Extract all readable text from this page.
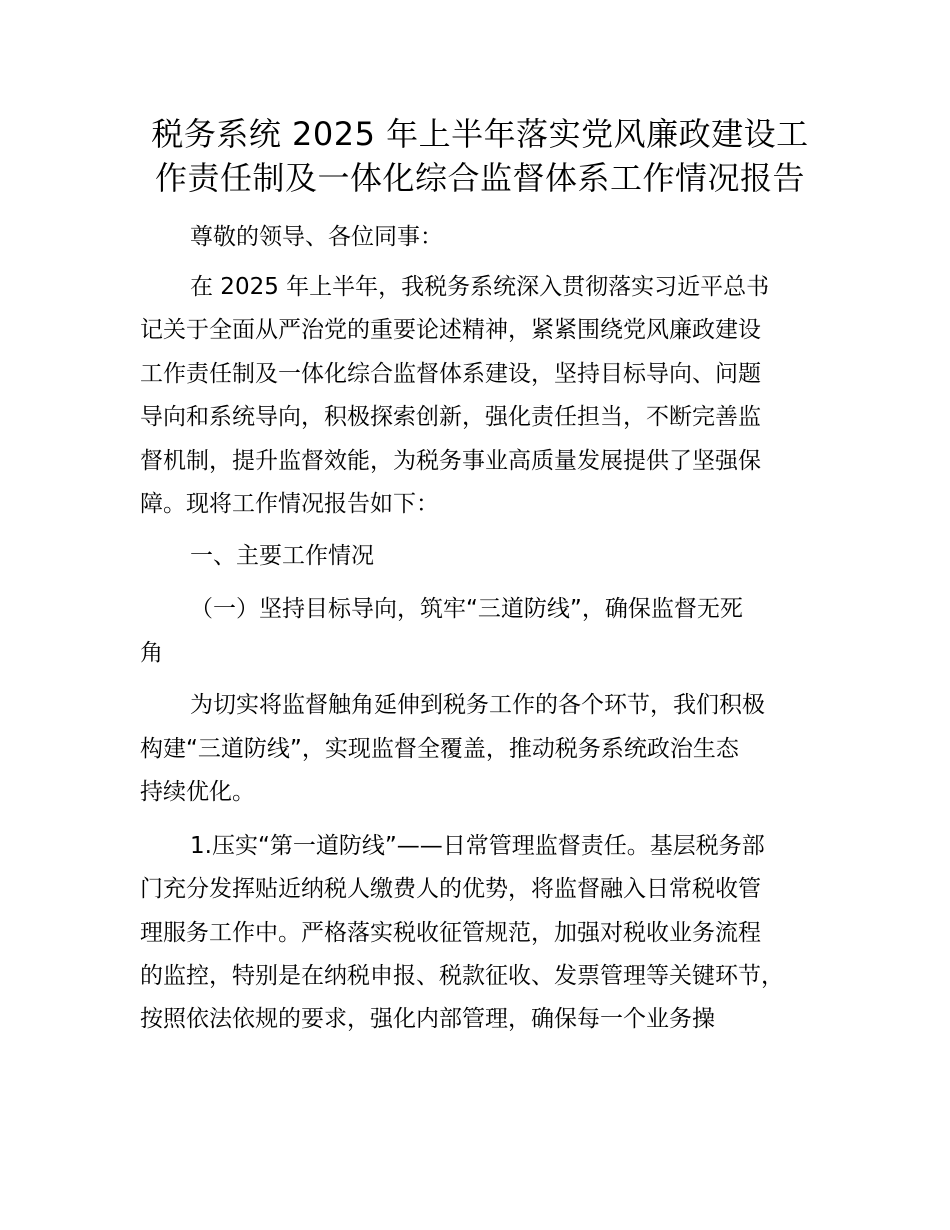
税务系统 2025 年上半年落实党风廉政建设工
作责任制及一体化综合监督体系工作情况报告
尊敬的领导、各位同事：
在 2025 年上半年，我税务系统深入贯彻落实习近平总书
记关于全面从严治党的重要论述精神，紧紧围绕党风廉政建设
工作责任制及一体化综合监督体系建设，坚持目标导向、问题
导向和系统导向，积极探索创新，强化责任担当，不断完善监
督机制，提升监督效能，为税务事业高质量发展提供了坚强保
障。现将工作情况报告如下：
一、主要工作情况
（一）坚持目标导向，筑牢“三道防线”，确保监督无死
角
为切实将监督触角延伸到税务工作的各个环节，我们积极
构建“三道防线”，实现监督全覆盖，推动税务系统政治生态
持续优化。
1.压实“第一道防线”——日常管理监督责任。基层税务部
门充分发挥贴近纳税人缴费人的优势，将监督融入日常税收管
理服务工作中。严格落实税收征管规范，加强对税收业务流程
的监控，特别是在纳税申报、税款征收、发票管理等关键环节，
按照依法依规的要求，强化内部管理，确保每一个业务操
